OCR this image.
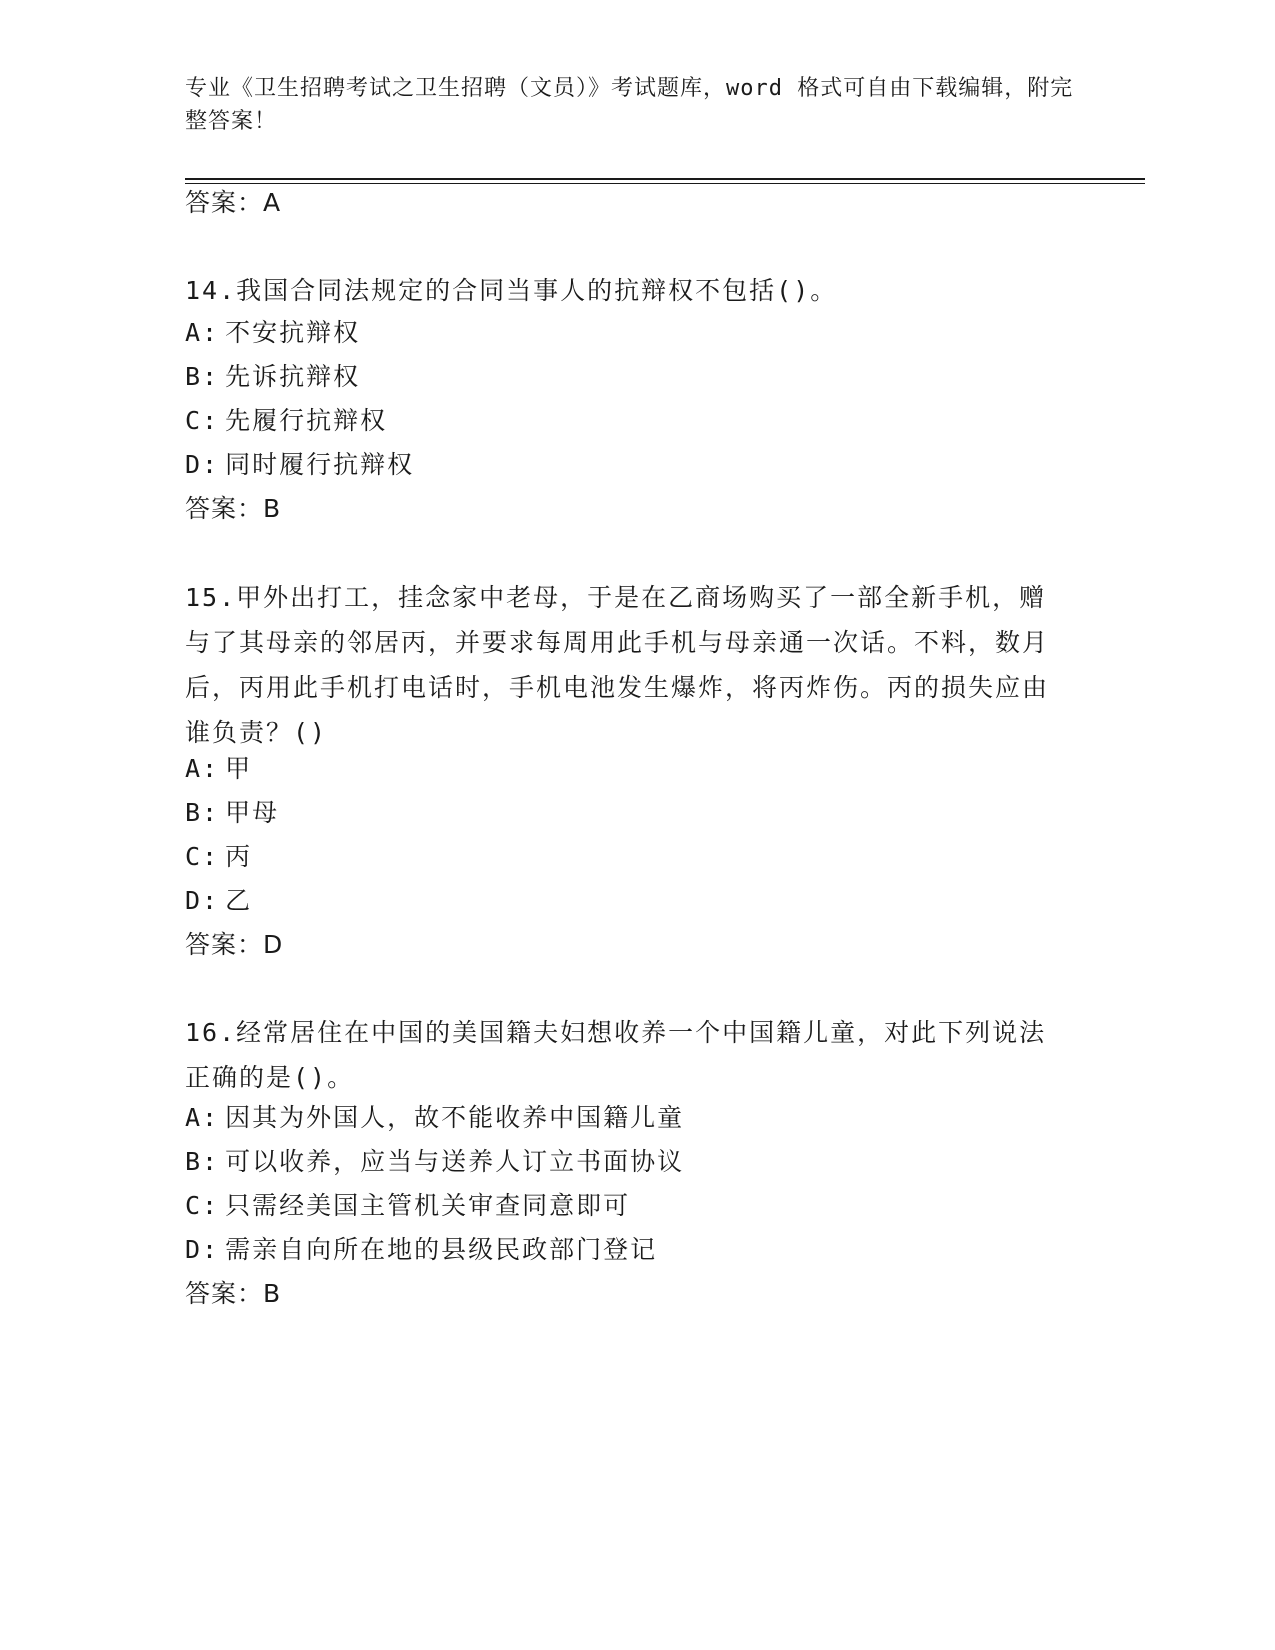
专业《卫生招聘考试之卫生招聘（文员）》考试题库，word 格式可自由下载编辑，附完整答案！
答案：A
14.我国合同法规定的合同当事人的抗辩权不包括()。
A: 不安抗辩权
B: 先诉抗辩权
C: 先履行抗辩权
D: 同时履行抗辩权
答案：B
15.甲外出打工，挂念家中老母，于是在乙商场购买了一部全新手机，赠与了其母亲的邻居丙，并要求每周用此手机与母亲通一次话。不料，数月后，丙用此手机打电话时，手机电池发生爆炸，将丙炸伤。丙的损失应由谁负责？()
A: 甲
B: 甲母
C: 丙
D: 乙
答案：D
16.经常居住在中国的美国籍夫妇想收养一个中国籍儿童，对此下列说法正确的是()。
A: 因其为外国人，故不能收养中国籍儿童
B: 可以收养，应当与送养人订立书面协议
C: 只需经美国主管机关审查同意即可
D: 需亲自向所在地的县级民政部门登记
答案：B
